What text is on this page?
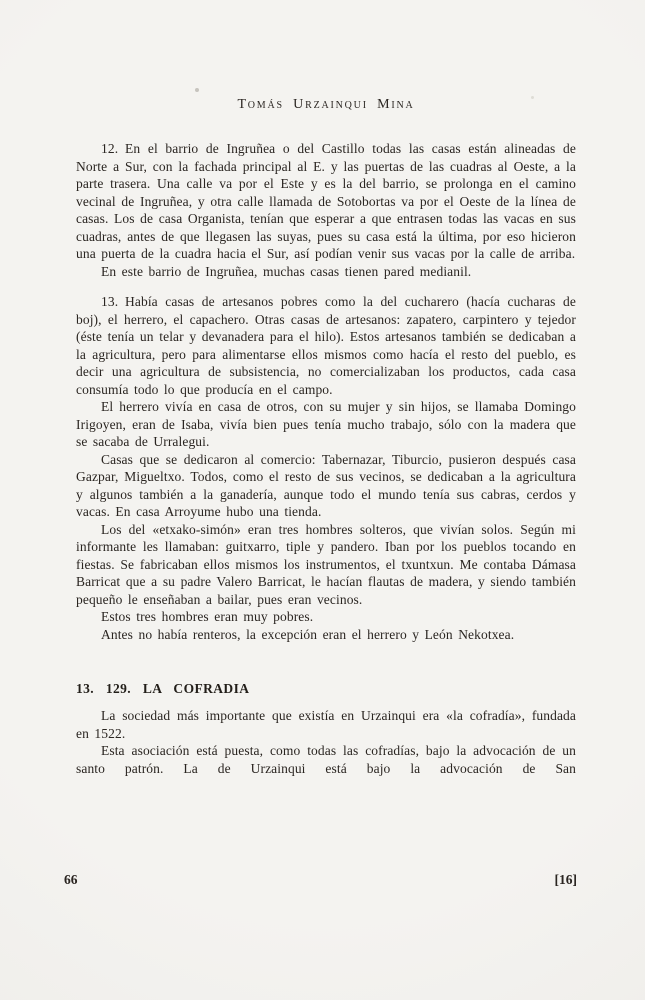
Tomás Urzainqui Mina

12. En el barrio de Ingruñea o del Castillo todas las casas están alineadas de Norte a Sur, con la fachada principal al E. y las puertas de las cuadras al Oeste, a la parte trasera. Una calle va por el Este y es la del barrio, se prolonga en el camino vecinal de Ingruñea, y otra calle llamada de Sotobortas va por el Oeste de la línea de casas. Los de casa Organista, tenían que esperar a que entrasen todas las vacas en sus cuadras, antes de que llegasen las suyas, pues su casa está la última, por eso hicieron una puerta de la cuadra hacia el Sur, así podían venir sus vacas por la calle de arriba.

En este barrio de Ingruñea, muchas casas tienen pared medianil.

13. Había casas de artesanos pobres como la del cucharero (hacía cucharas de boj), el herrero, el capachero. Otras casas de artesanos: zapatero, carpintero y tejedor (éste tenía un telar y devanadera para el hilo). Estos artesanos también se dedicaban a la agricultura, pero para alimentarse ellos mismos como hacía el resto del pueblo, es decir una agricultura de subsistencia, no comercializaban los productos, cada casa consumía todo lo que producía en el campo.

El herrero vivía en casa de otros, con su mujer y sin hijos, se llamaba Domingo Irigoyen, eran de Isaba, vivía bien pues tenía mucho trabajo, sólo con la madera que se sacaba de Urralegui.

Casas que se dedicaron al comercio: Tabernazar, Tiburcio, pusieron después casa Gazpar, Migueltxo. Todos, como el resto de sus vecinos, se dedicaban a la agricultura y algunos también a la ganadería, aunque todo el mundo tenía sus cabras, cerdos y vacas. En casa Arroyume hubo una tienda.

Los del «etxako-simón» eran tres hombres solteros, que vivían solos. Según mi informante les llamaban: guitxarro, tiple y pandero. Iban por los pueblos tocando en fiestas. Se fabricaban ellos mismos los instrumentos, el txuntxun. Me contaba Dámasa Barricat que a su padre Valero Barricat, le hacían flautas de madera, y siendo también pequeño le enseñaban a bailar, pues eran vecinos.

Estos tres hombres eran muy pobres.

Antes no había renteros, la excepción eran el herrero y León Nekotxea.

13. 129. LA COFRADIA

La sociedad más importante que existía en Urzainqui era «la cofradía», fundada en 1522.

Esta asociación está puesta, como todas las cofradías, bajo la advocación de un santo patrón. La de Urzainqui está bajo la advocación de San

66	[16]
